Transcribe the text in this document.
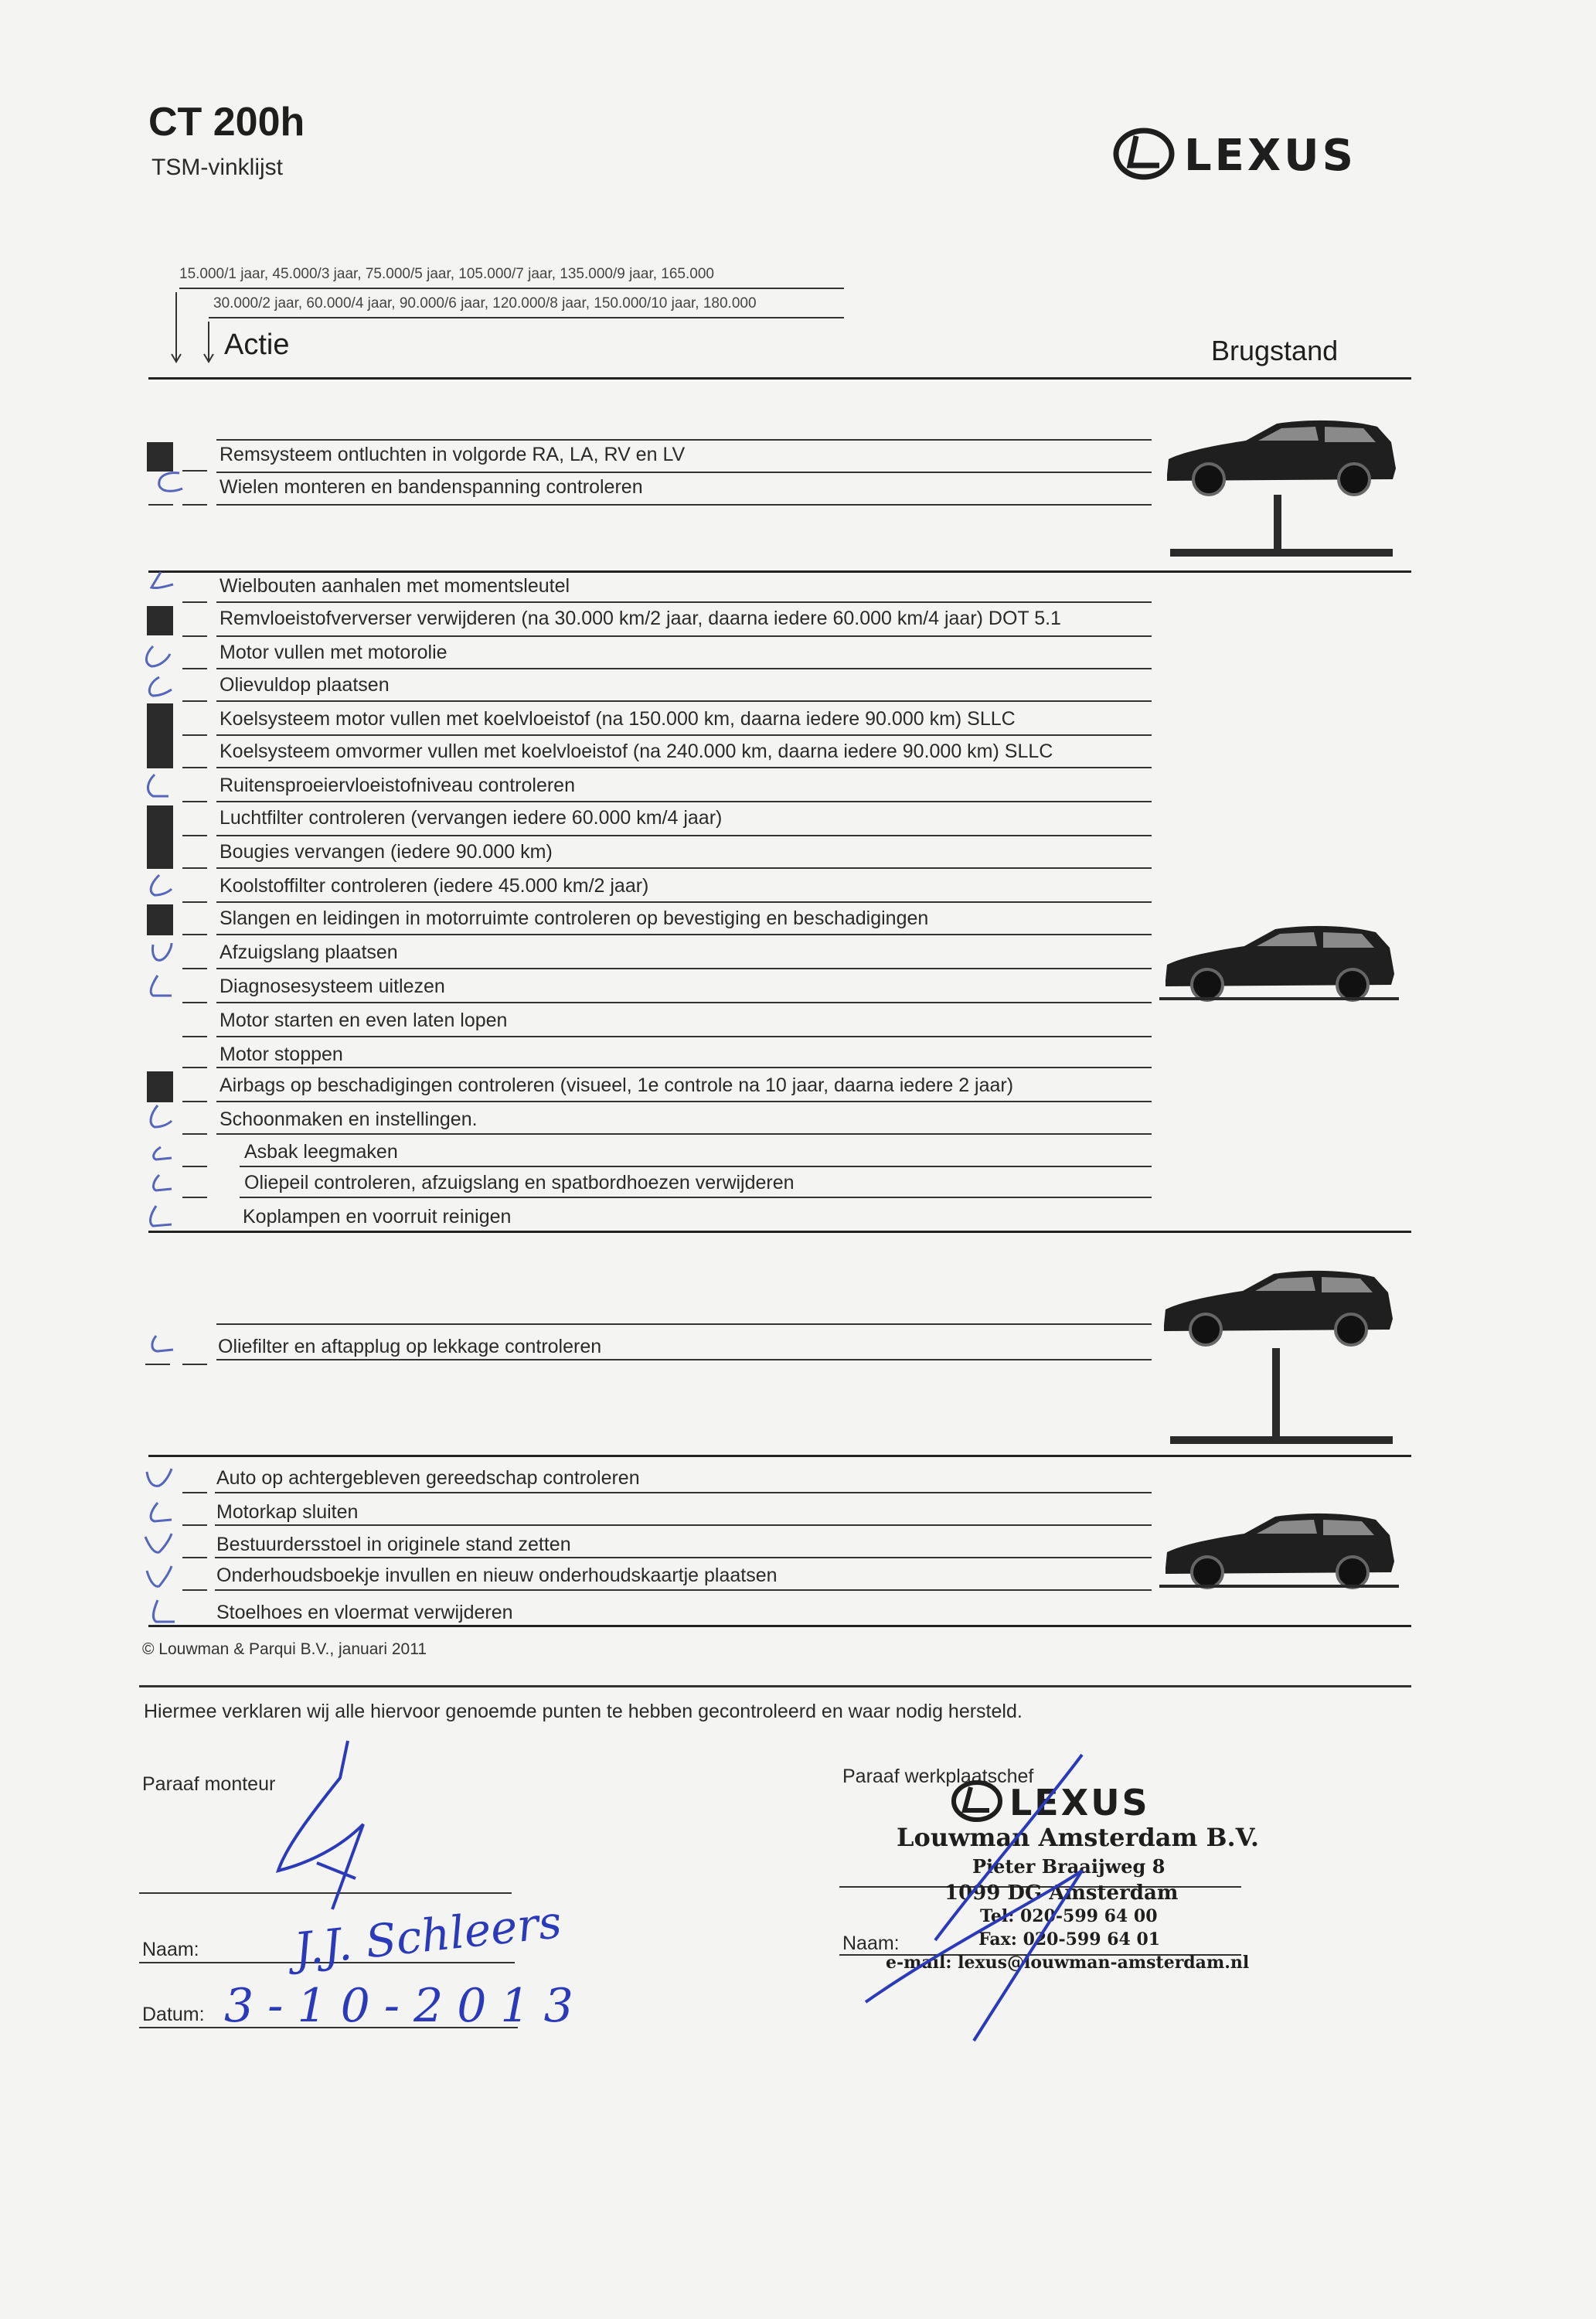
CT 200h
TSM-vinklijst	LEXUS
15.000/1 jaar, 45.000/3 jaar, 75.000/5 jaar, 105.000/7 jaar, 135.000/9 jaar, 165.000
30.000/2 jaar, 60.000/4 jaar, 90.000/6 jaar, 120.000/8 jaar, 150.000/10 jaar, 180.000
Actie	Brugstand
Remsysteem ontluchten in volgorde RA, LA, RV en LV
Wielen monteren en bandenspanning controleren
Wielbouten aanhalen met momentsleutel
Remvloeistofververser verwijderen (na 30.000 km/2 jaar, daarna iedere 60.000 km/4 jaar) DOT 5.1
Motor vullen met motorolie
Olievuldop plaatsen
Koelsysteem motor vullen met koelvloeistof (na 150.000 km, daarna iedere 90.000 km) SLLC
Koelsysteem omvormer vullen met koelvloeistof (na 240.000 km, daarna iedere 90.000 km) SLLC
Ruitensproeiervloeistofniveau controleren
Luchtfilter controleren (vervangen iedere 60.000 km/4 jaar)
Bougies vervangen (iedere 90.000 km)
Koolstoffilter controleren (iedere 45.000 km/2 jaar)
Slangen en leidingen in motorruimte controleren op bevestiging en beschadigingen
Afzuigslang plaatsen
Diagnosesysteem uitlezen
Motor starten en even laten lopen
Motor stoppen
Airbags op beschadigingen controleren (visueel, 1e controle na 10 jaar, daarna iedere 2 jaar)
Schoonmaken en instellingen.
Asbak leegmaken
Oliepeil controleren, afzuigslang en spatbordhoezen verwijderen
Koplampen en voorruit reinigen
Oliefilter en aftapplug op lekkage controleren
Auto op achtergebleven gereedschap controleren
Motorkap sluiten
Bestuurdersstoel in originele stand zetten
Onderhoudsboekje invullen en nieuw onderhoudskaartje plaatsen
Stoelhoes en vloermat verwijderen
© Louwman & Parqui B.V., januari 2011
Hiermee verklaren wij alle hiervoor genoemde punten te hebben gecontroleerd en waar nodig hersteld.
Paraaf monteur
Naam:
Datum:
J.J. Schleers
3-10-2013
Paraaf werkplaatschef
Naam:
LEXUS
Louwman Amsterdam B.V.
Pieter Braaijweg 8
1099 DG Amsterdam
Tel: 020-599 64 00
Fax: 020-599 64 01
e-mail: lexus@louwman-amsterdam.nl
